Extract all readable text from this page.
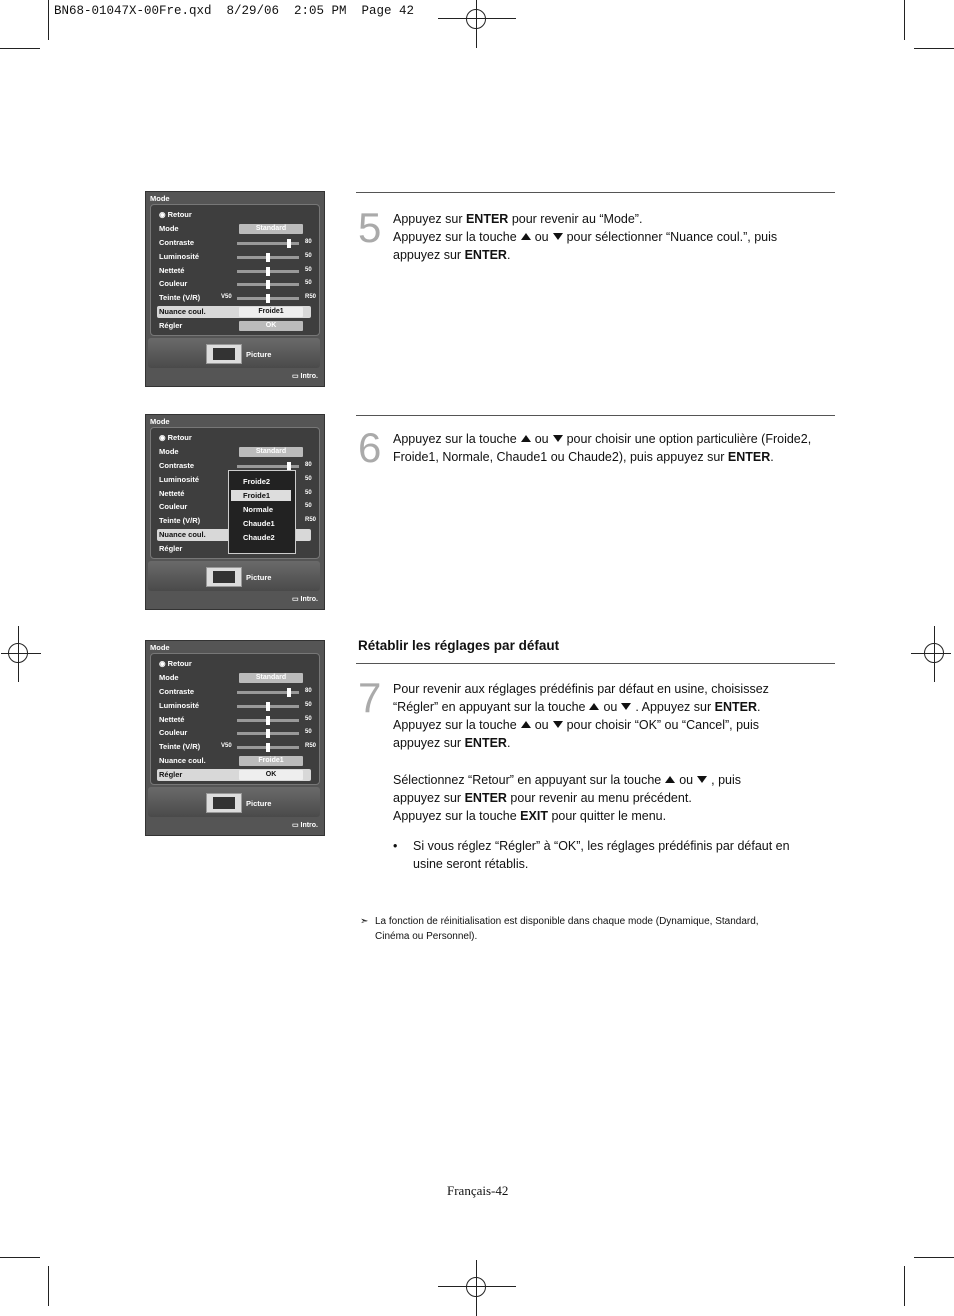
BN68-01047X-00Fre.qxd  8/29/06  2:05 PM  Page 42
Mode
◉ Retour
Mode	Standard
Contraste	80
Luminosité	50
Netteté	50
Couleur	50
Teinte (V/R)	V50	R50
Nuance coul.	Froide1
Régler	OK
Picture
▭ Intro.
Mode
◉ Retour
Mode	Standard
Contraste	80
Luminosité	50
Netteté	50
Couleur	50
Teinte (V/R)	R50
Nuance coul.
Régler
Froide2
Froide1
Normale
Chaude1
Chaude2
Picture
▭ Intro.
Mode
◉ Retour
Mode	Standard
Contraste	80
Luminosité	50
Netteté	50
Couleur	50
Teinte (V/R)	V50	R50
Nuance coul.	Froide1
Régler	OK
Picture
▭ Intro.
5 Appuyez sur ENTER pour revenir au “Mode”.
Appuyez sur la touche ou pour sélectionner “Nuance coul.”, puis
appuyez sur ENTER.
6 Appuyez sur la touche ou pour choisir une option particulière (Froide2,
Froide1, Normale, Chaude1 ou Chaude2), puis appuyez sur ENTER.
Rétablir les réglages par défaut
7 Pour revenir aux réglages prédéfinis par défaut en usine, choisissez
“Régler” en appuyant sur la touche ou . Appuyez sur ENTER.
Appuyez sur la touche ou pour choisir “OK” ou “Cancel”, puis
appuyez sur ENTER.
Sélectionnez “Retour” en appuyant sur la touche ou , puis
appuyez sur ENTER pour revenir au menu précédent.
Appuyez sur la touche EXIT pour quitter le menu.
• Si vous réglez “Régler” à “OK”, les réglages prédéfinis par défaut en
usine seront rétablis.
➣ La fonction de réinitialisation est disponible dans chaque mode (Dynamique, Standard,
Cinéma ou Personnel).
Français-42
